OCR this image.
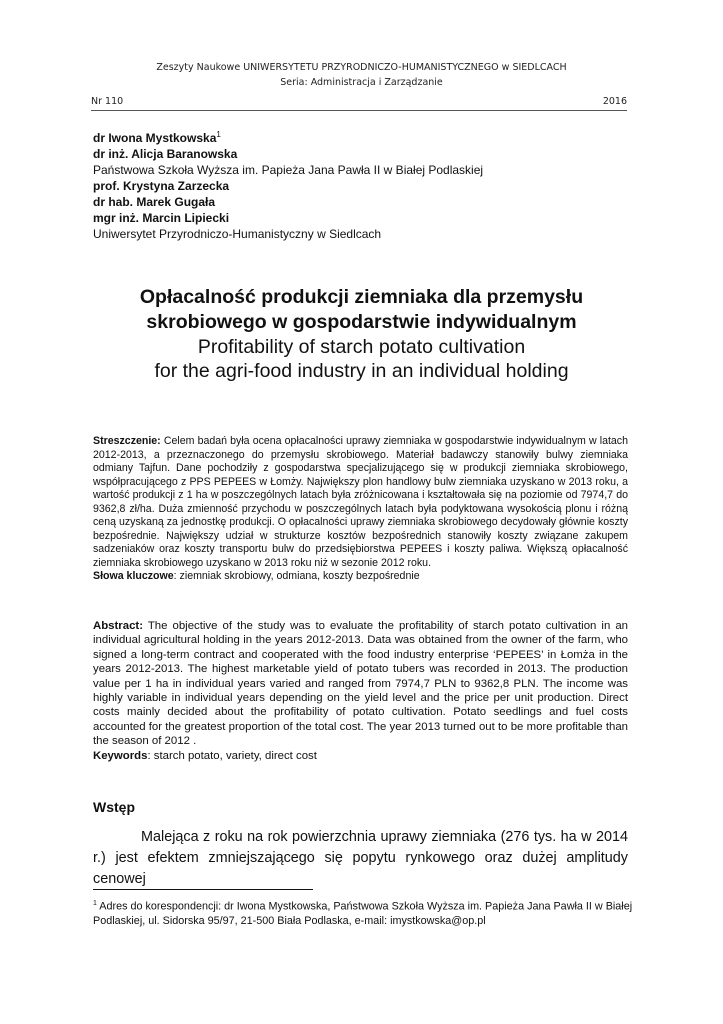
Zeszyty Naukowe UNIWERSYTETU PRZYRODNICZO-HUMANISTYCZNEGO w SIEDLCACH
Seria: Administracja i Zarządzanie
Nr 110	2016
dr Iwona Mystkowska$^1$
dr inż. Alicja Baranowska
Państwowa Szkoła Wyższa im. Papieża Jana Pawła II w Białej Podlaskiej
prof. Krystyna Zarzecka
dr hab. Marek Gugała
mgr inż. Marcin Lipiecki
Uniwersytet Przyrodniczo-Humanistyczny w Siedlcach
Opłacalność produkcji ziemniaka dla przemysłu
skrobiowego w gospodarstwie indywidualnym
Profitability of starch potato cultivation
for the agri-food industry in an individual holding
Streszczenie: Celem badań była ocena opłacalności uprawy ziemniaka w gospodarstwie indywidualnym w latach 2012-2013, a przeznaczonego do przemysłu skrobiowego. Materiał badawczy stanowiły bulwy ziemniaka odmiany Tajfun. Dane pochodziły z gospodarstwa specjalizującego się w produkcji ziemniaka skrobiowego, współpracującego z PPS PEPEES w Łomży. Największy plon handlowy bulw ziemniaka uzyskano w 2013 roku, a wartość produkcji z 1 ha w poszczególnych latach była zróżnicowana i kształtowała się na poziomie od 7974,7 do 9362,8 zł/ha. Duża zmienność przychodu w poszczególnych latach była podyktowana wysokością plonu i różną ceną uzyskaną za jednostkę produkcji. O opłacalności uprawy ziemniaka skrobiowego decydowały głównie koszty bezpośrednie. Największy udział w strukturze kosztów bezpośrednich stanowiły koszty związane zakupem sadzeniaków oraz koszty transportu bulw do przedsiębiorstwa PEPEES i koszty paliwa. Większą opłacalność ziemniaka skrobiowego uzyskano w 2013 roku niż w sezonie 2012 roku.
Słowa kluczowe: ziemniak skrobiowy, odmiana, koszty bezpośrednie
Abstract: The objective of the study was to evaluate the profitability of starch potato cultivation in an individual agricultural holding in the years 2012-2013. Data was obtained from the owner of the farm, who signed a long-term contract and cooperated with the food industry enterprise ‘PEPEES’ in Łomża in the years 2012-2013. The highest marketable yield of potato tubers was recorded in 2013. The production value per 1 ha in individual years varied and ranged from 7974,7 PLN to 9362,8 PLN. The income was highly variable in individual years depending on the yield level and the price per unit production. Direct costs mainly decided about the profitability of potato cultivation. Potato seedlings and fuel costs accounted for the greatest proportion of the total cost. The year 2013 turned out to be more profitable than the season of 2012 .
Keywords: starch potato, variety, direct cost
Wstęp
Malejąca z roku na rok powierzchnia uprawy ziemniaka (276 tys. ha w 2014 r.) jest efektem zmniejszającego się popytu rynkowego oraz dużej amplitudy cenowej
$^1$ Adres do korespondencji: dr Iwona Mystkowska, Państwowa Szkoła Wyższa im. Papieża Jana Pawła II w Białej Podlaskiej, ul. Sidorska 95/97, 21-500 Biała Podlaska, e-mail: imystkowska@op.pl
